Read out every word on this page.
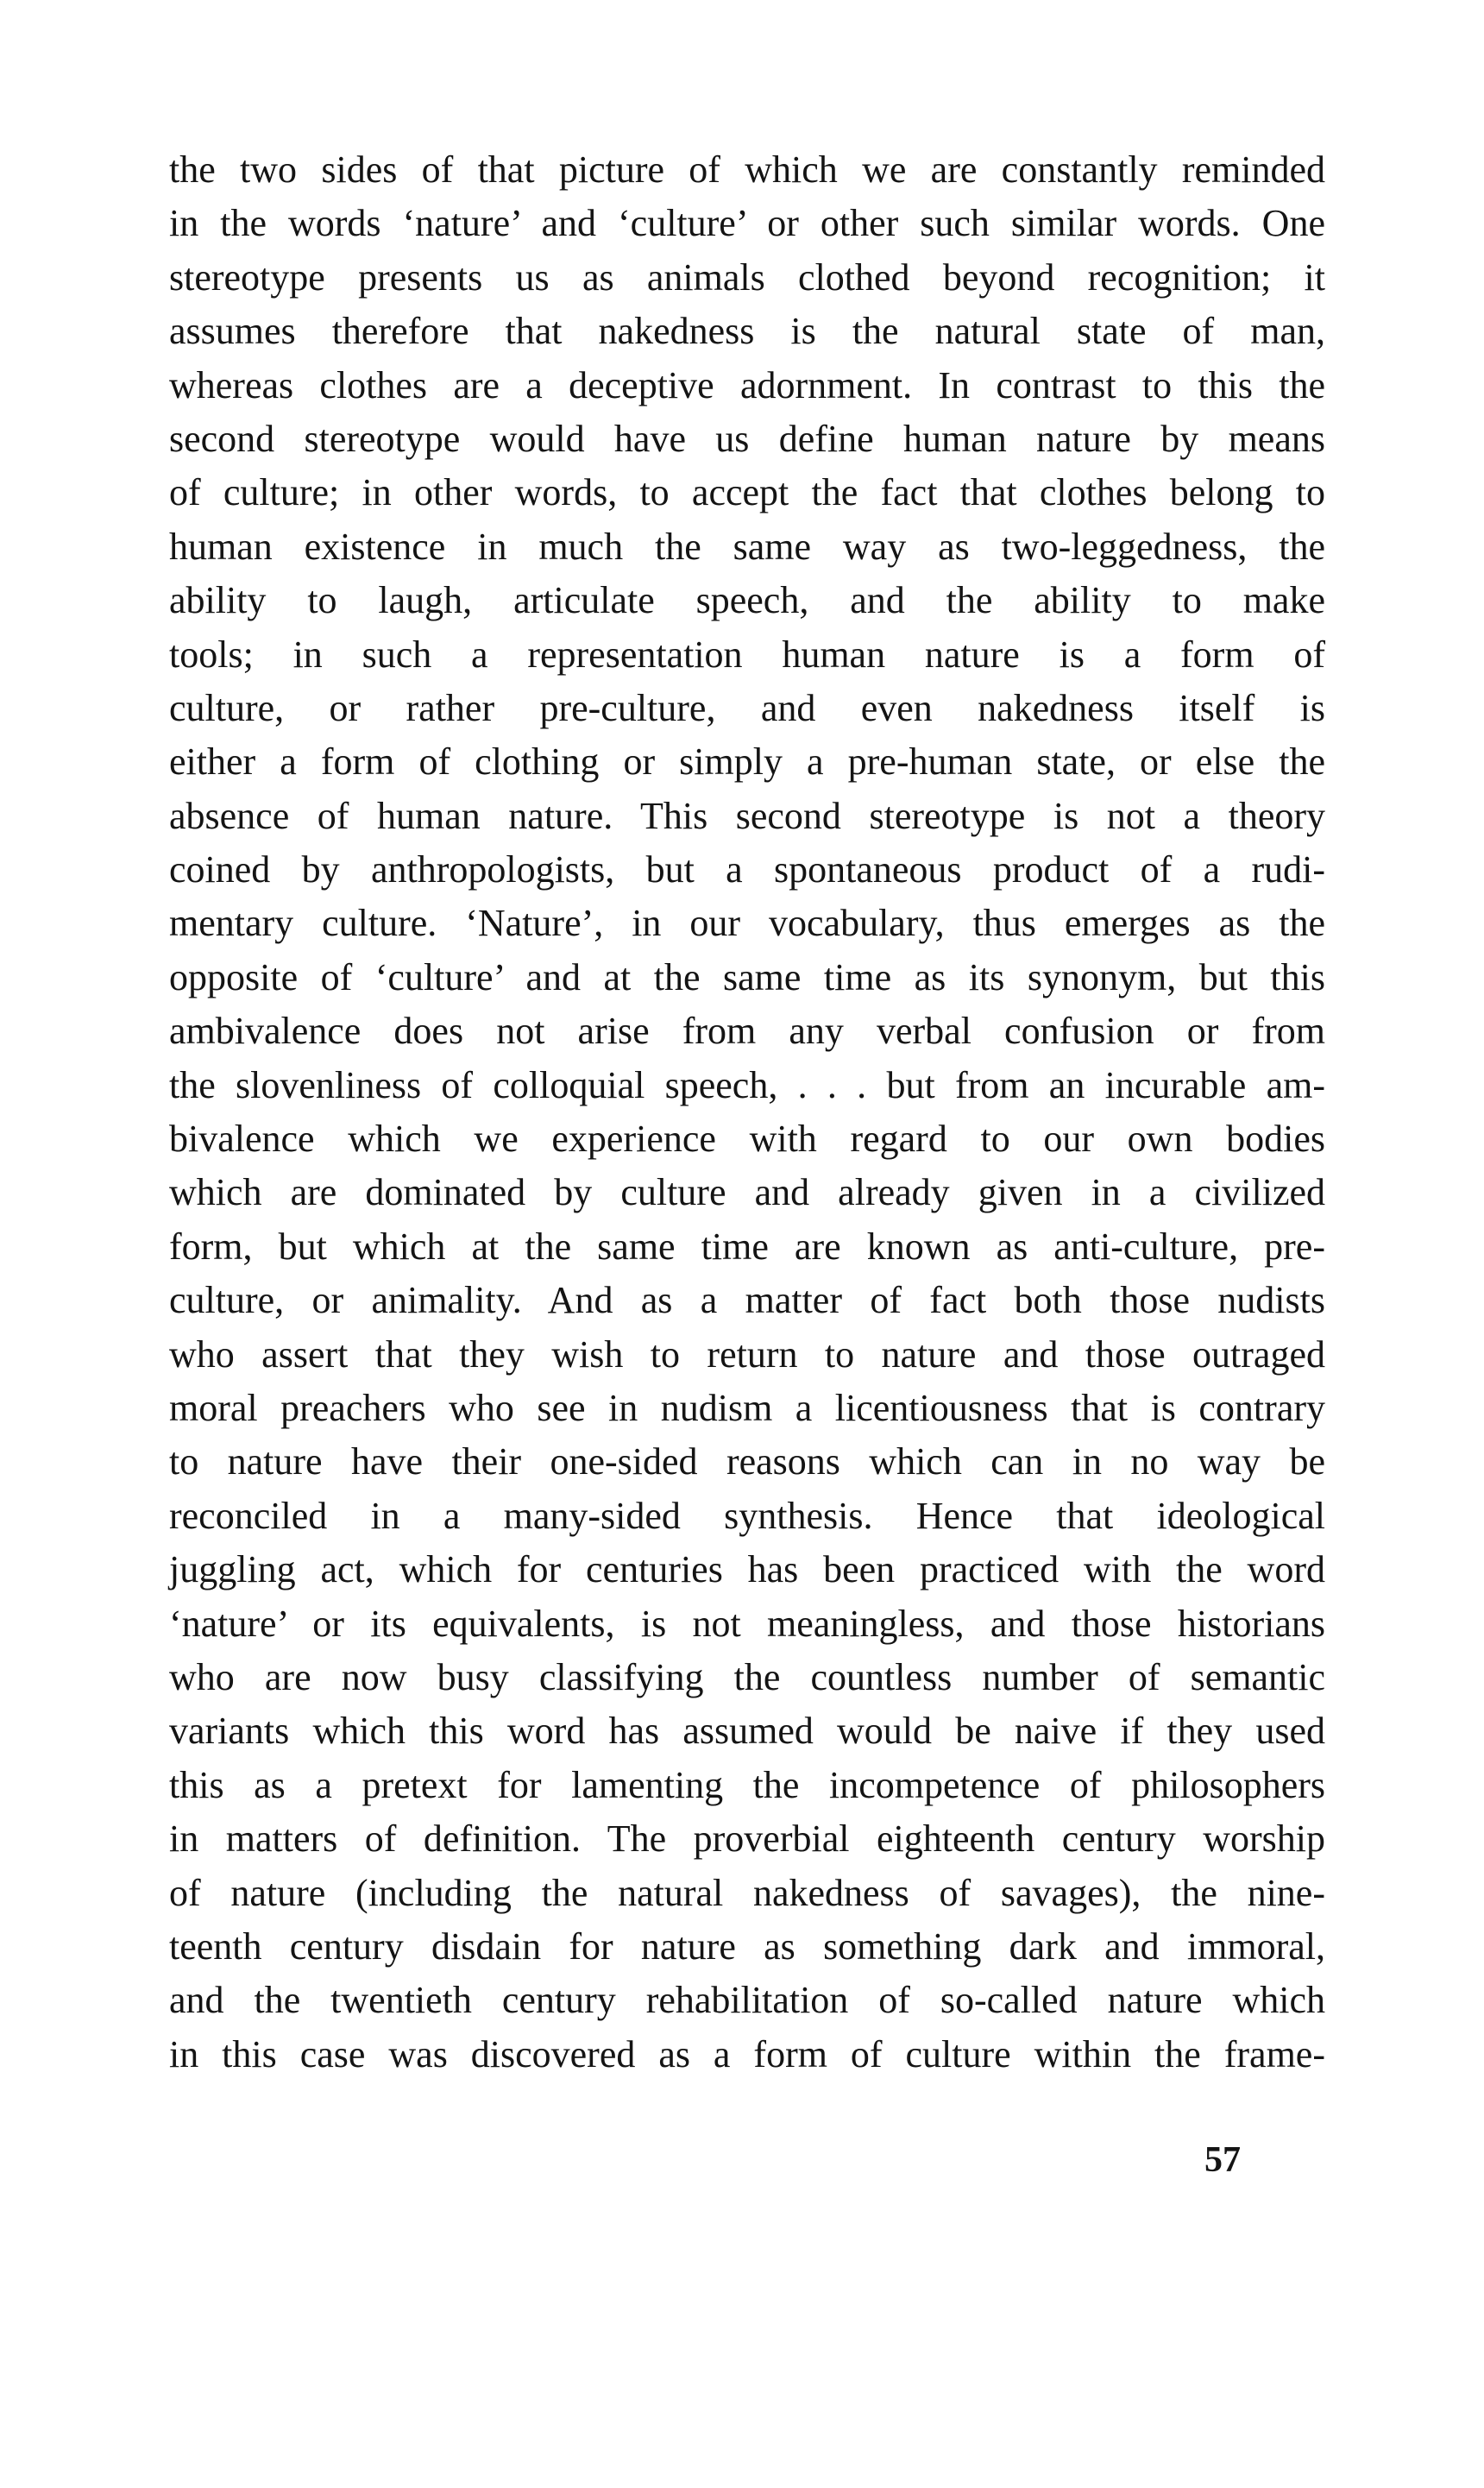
the two sides of that picture of which we are constantly reminded
in the words ‘nature’ and ‘culture’ or other such similar words. One
stereotype presents us as animals clothed beyond recognition; it
assumes therefore that nakedness is the natural state of man,
whereas clothes are a deceptive adornment. In contrast to this the
second stereotype would have us define human nature by means
of culture; in other words, to accept the fact that clothes belong to
human existence in much the same way as two-leggedness, the
ability to laugh, articulate speech, and the ability to make
tools; in such a representation human nature is a form of
culture, or rather pre-culture, and even nakedness itself is
either a form of clothing or simply a pre-human state, or else the
absence of human nature. This second stereotype is not a theory
coined by anthropologists, but a spontaneous product of a rudi-
mentary culture. ‘Nature’, in our vocabulary, thus emerges as the
opposite of ‘culture’ and at the same time as its synonym, but this
ambivalence does not arise from any verbal confusion or from
the slovenliness of colloquial speech, . . . but from an incurable am-
bivalence which we experience with regard to our own bodies
which are dominated by culture and already given in a civilized
form, but which at the same time are known as anti-culture, pre-
culture, or animality. And as a matter of fact both those nudists
who assert that they wish to return to nature and those outraged
moral preachers who see in nudism a licentiousness that is contrary
to nature have their one-sided reasons which can in no way be
reconciled in a many-sided synthesis. Hence that ideological
juggling act, which for centuries has been practiced with the word
‘nature’ or its equivalents, is not meaningless, and those historians
who are now busy classifying the countless number of semantic
variants which this word has assumed would be naive if they used
this as a pretext for lamenting the incompetence of philosophers
in matters of definition. The proverbial eighteenth century worship
of nature (including the natural nakedness of savages), the nine-
teenth century disdain for nature as something dark and immoral,
and the twentieth century rehabilitation of so-called nature which
in this case was discovered as a form of culture within the frame-
57
